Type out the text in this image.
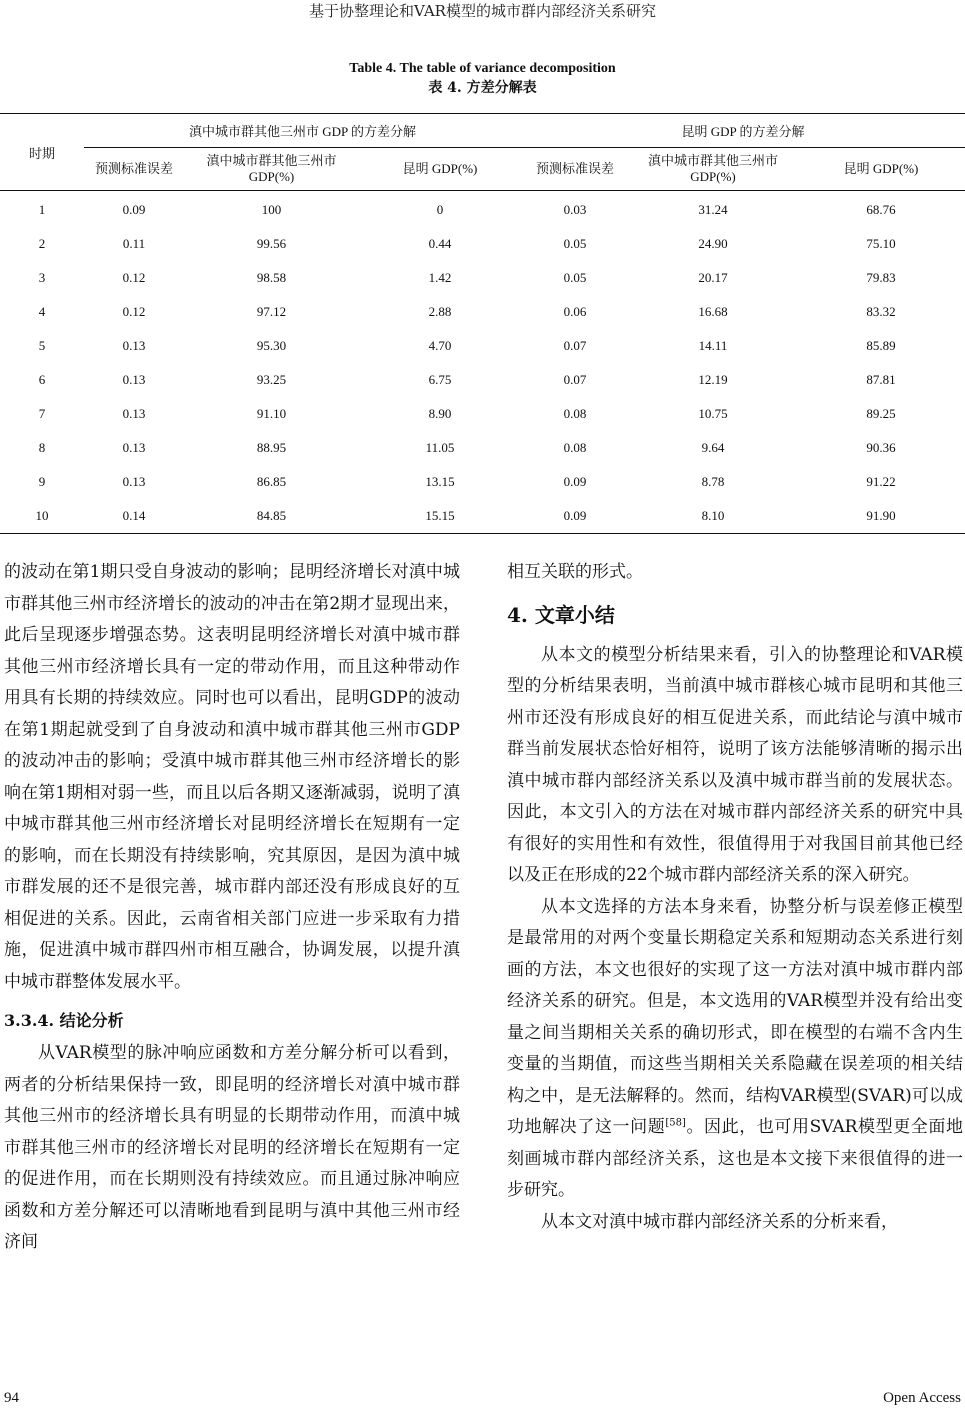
基于协整理论和VAR模型的城市群内部经济关系研究
Table 4. The table of variance decomposition
表 4. 方差分解表
时期	滇中城市群其他三州市 GDP 的方差分解			昆明 GDP 的方差分解		
	预测标准误差	滇中城市群其他三州市 GDP(%)	昆明 GDP(%)	预测标准误差	滇中城市群其他三州市 GDP(%)	昆明 GDP(%)
1	0.09	100	0	0.03	31.24	68.76
2	0.11	99.56	0.44	0.05	24.90	75.10
3	0.12	98.58	1.42	0.05	20.17	79.83
4	0.12	97.12	2.88	0.06	16.68	83.32
5	0.13	95.30	4.70	0.07	14.11	85.89
6	0.13	93.25	6.75	0.07	12.19	87.81
7	0.13	91.10	8.90	0.08	10.75	89.25
8	0.13	88.95	11.05	0.08	9.64	90.36
9	0.13	86.85	13.15	0.09	8.78	91.22
10	0.14	84.85	15.15	0.09	8.10	91.90

的波动在第1期只受自身波动的影响；昆明经济增长对滇中城市群其他三州市经济增长的波动的冲击在第2期才显现出来，此后呈现逐步增强态势。这表明昆明经济增长对滇中城市群其他三州市经济增长具有一定的带动作用，而且这种带动作用具有长期的持续效应。同时也可以看出，昆明GDP的波动在第1期起就受到了自身波动和滇中城市群其他三州市GDP的波动冲击的影响；受滇中城市群其他三州市经济增长的影响在第1期相对弱一些，而且以后各期又逐渐减弱，说明了滇中城市群其他三州市经济增长对昆明经济增长在短期有一定的影响，而在长期没有持续影响，究其原因，是因为滇中城市群发展的还不是很完善，城市群内部还没有形成良好的互相促进的关系。因此，云南省相关部门应进一步采取有力措施，促进滇中城市群四州市相互融合，协调发展，以提升滇中城市群整体发展水平。

3.3.4. 结论分析

从VAR模型的脉冲响应函数和方差分解分析可以看到，两者的分析结果保持一致，即昆明的经济增长对滇中城市群其他三州市的经济增长具有明显的长期带动作用，而滇中城市群其他三州市的经济增长对昆明的经济增长在短期有一定的促进作用，而在长期则没有持续效应。而且通过脉冲响应函数和方差分解还可以清晰地看到昆明与滇中其他三州市经济间

相互关联的形式。

4. 文章小结

从本文的模型分析结果来看，引入的协整理论和VAR模型的分析结果表明，当前滇中城市群核心城市昆明和其他三州市还没有形成良好的相互促进关系，而此结论与滇中城市群当前发展状态恰好相符，说明了该方法能够清晰的揭示出滇中城市群内部经济关系以及滇中城市群当前的发展状态。因此，本文引入的方法在对城市群内部经济关系的研究中具有很好的实用性和有效性，很值得用于对我国目前其他已经以及正在形成的22个城市群内部经济关系的深入研究。

从本文选择的方法本身来看，协整分析与误差修正模型是最常用的对两个变量长期稳定关系和短期动态关系进行刻画的方法，本文也很好的实现了这一方法对滇中城市群内部经济关系的研究。但是，本文选用的VAR模型并没有给出变量之间当期相关关系的确切形式，即在模型的右端不含内生变量的当期值，而这些当期相关关系隐藏在误差项的相关结构之中，是无法解释的。然而，结构VAR模型(SVAR)可以成功地解决了这一问题[58]。因此，也可用SVAR模型更全面地刻画城市群内部经济关系，这也是本文接下来很值得的进一步研究。

从本文对滇中城市群内部经济关系的分析来看，

94	Open Access
